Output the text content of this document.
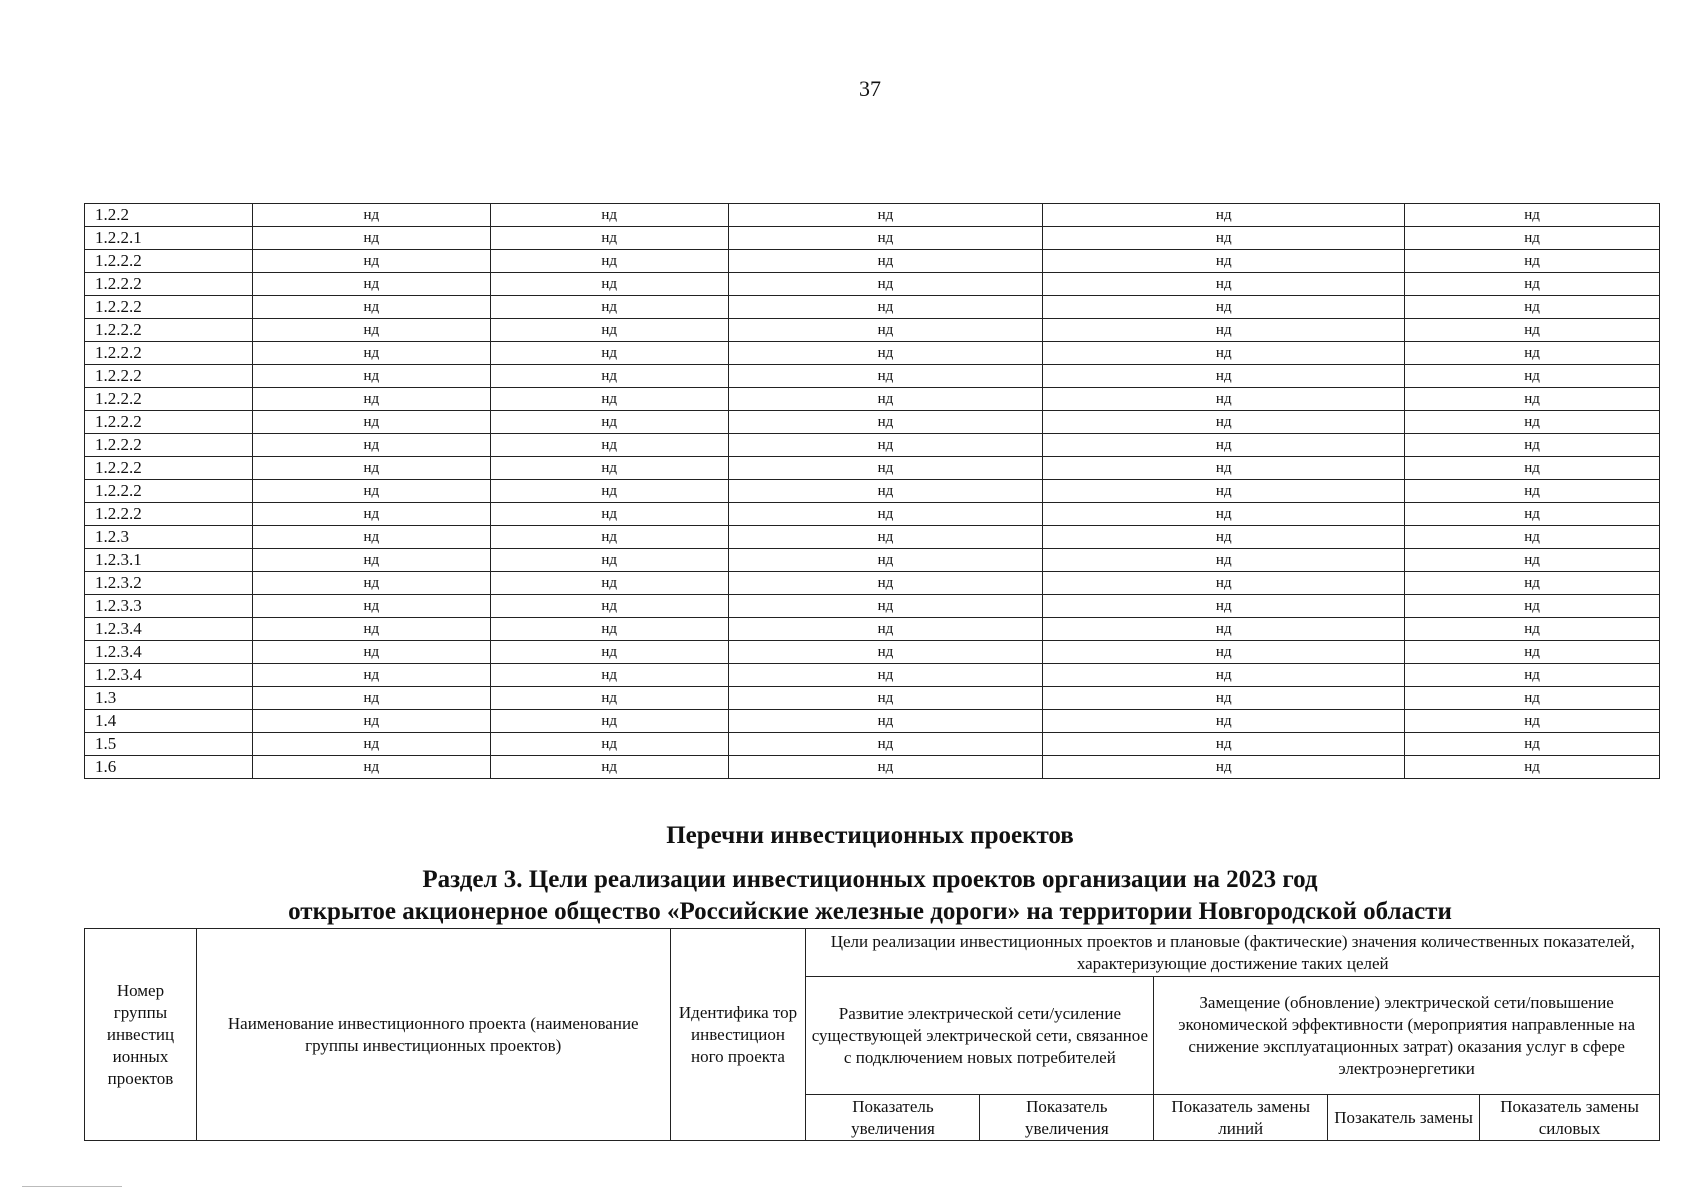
37
1.2.2	нд	нд	нд	нд	нд
1.2.2.1	нд	нд	нд	нд	нд
1.2.2.2	нд	нд	нд	нд	нд
1.2.2.2	нд	нд	нд	нд	нд
1.2.2.2	нд	нд	нд	нд	нд
1.2.2.2	нд	нд	нд	нд	нд
1.2.2.2	нд	нд	нд	нд	нд
1.2.2.2	нд	нд	нд	нд	нд
1.2.2.2	нд	нд	нд	нд	нд
1.2.2.2	нд	нд	нд	нд	нд
1.2.2.2	нд	нд	нд	нд	нд
1.2.2.2	нд	нд	нд	нд	нд
1.2.2.2	нд	нд	нд	нд	нд
1.2.2.2	нд	нд	нд	нд	нд
1.2.3	нд	нд	нд	нд	нд
1.2.3.1	нд	нд	нд	нд	нд
1.2.3.2	нд	нд	нд	нд	нд
1.2.3.3	нд	нд	нд	нд	нд
1.2.3.4	нд	нд	нд	нд	нд
1.2.3.4	нд	нд	нд	нд	нд
1.2.3.4	нд	нд	нд	нд	нд
1.3	нд	нд	нд	нд	нд
1.4	нд	нд	нд	нд	нд
1.5	нд	нд	нд	нд	нд
1.6	нд	нд	нд	нд	нд
Перечни инвестиционных проектов
Раздел 3. Цели реализации инвестиционных проектов организации на 2023 год
открытое акционерное общество «Российские железные дороги» на территории Новгородской области
Номер группы инвестиц ионных проектов	Наименование инвестиционного проекта (наименование группы инвестиционных проектов)	Идентифика тор инвестицион ного проекта	Цели реализации инвестиционных проектов и плановые (фактические) значения количественных показателей, характеризующие достижение таких целей				
			Развитие электрической сети/усиление существующей электрической сети, связанное с подключением новых потребителей		Замещение (обновление) электрической сети/повышение экономической эффективности (мероприятия направленные на снижение эксплуатационных затрат) оказания услуг в сфере электроэнергетики		
			Показатель увеличения	Показатель увеличения	Показатель замены линий	Позакатель замены	Показатель замены силовых
